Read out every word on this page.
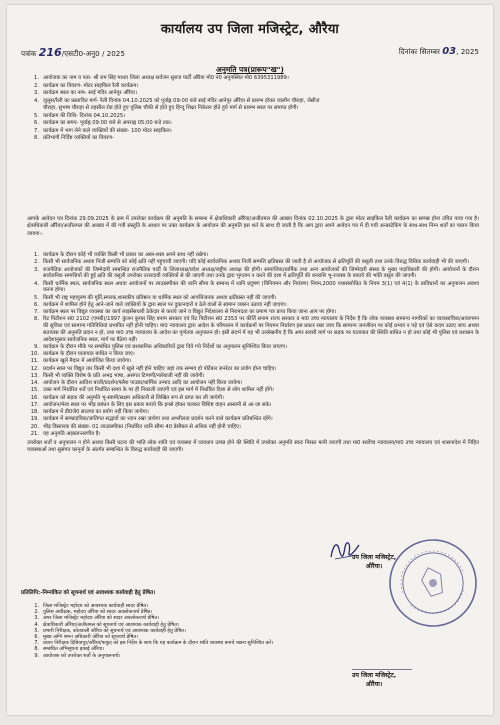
कार्यालय उप जिला मजिस्ट्रेट, औरैया
पत्रांक 216/एसटी0-अनु0 / 2025	दिनांकः सितम्बर 03, 2025
अनुमति पत्र(प्रारूप"ख")
1. आयोजक का नाम व पता- श्री राम सिंह माधव जिला अध्यक्ष सर्वजन सुराज पार्टी औरैया मो0 नं0 अनुपस्थित मो0 6395311989।
2. कार्यक्रम का विवरण- मोटर साइकिल रैली कार्यक्रम।
3. कार्यक्रम स्थल का नाम- साई मंदिर आनेपुर औरैया।
4. जुलूस/रैली का प्रस्तावित मार्ग- रैली दिनांक 04.10.2025 को पूर्वाह्न 09:00 बजे साई मंदिर आनेपुर औरैया से प्रारम्भ होकर जालौन चौराहा, जेसीज
चौराहा, सुभाष चौराहा से तहसील रोड होते हुए पुलिस चौकी से होते हुए हिन्दू शिक्षा निकेतन होते हुये मार्ग से प्रारम्भ स्थल पर समाप्त होगी।
5. कार्यक्रम की तिथि- दिनांक 04.10.2025।
6. कार्यक्रम का समय- पूर्वाह्न 09:00 बजे से अपराह्न 05:00 बजे तक।
7. कार्यक्रम में भाग लेने वाले व्यक्तियों की संख्या- 100 मोटर साइकिल।
8. प्रतिभागी निर्दिष्ट व्यक्तियों का विवरण-
आपके आवेदन पत्र दिनांक 29.09.2025 के क्रम में उपरोक्त कार्यक्रम की अनुमति के सम्बन्ध में क्षेत्राधिकारी औरैया/अजीतमल की आख्या दिनांक 02.10.2025 के द्वारा मोटर साइकिल रैली कार्यक्रम का सम्पन्न होना उचित पाया गया है। क्षेत्राधिकारी औरैया/अजीतमल की आख्या में की गयी संस्तुति के आधार पर उक्त कार्यक्रम के आयोजन की अनुमति इस शर्त के साथ दी जाती है कि आप द्वारा अपने आवेदन पत्र में दी गयी अन्डरटेकिंग के साथ-साथ निम्न शर्तों का पालन किया जायगा:-
1. कार्यक्रम के दौरान कोई भी व्यक्ति किसी भी प्रकार का अस्त्र-शस्त्र अपने साथ नहीं रखेगा।
2. किसी भी सार्वजनिक अथवा निजी सम्पत्ति को कोई क्षति नहीं पहुंचायी जाएगी। यदि कोई सार्वजनिक अथवा निजी सम्पत्ति क्षतिग्रस्त की जाती है तो आयोजक से क्षतिपूर्ति की वसूली तथा उनके विरुद्ध विधिक कार्यवाही भी की जाएगी।
3. राजनैतिक आयोजकों की जिम्मेदारी सम्बन्धित राजनैतिक पार्टी के जिलाध्यक्ष/प्रदेश अध्यक्ष/राष्ट्रीय अध्यक्ष की होगी। सामाजिक/धार्मिक तथा अन्य आयोजकों की जिम्मेदारी संस्था के मुख्य पदाधिकारी की होगी। आयोजनों के दौरान सार्वजनिक सम्पत्तियों की हुई क्षति की वसूली उपरोक्त उत्तरदायी व्यक्तियों से की जाएगी तथा उनके द्वारा भुगतान न करने की दशा में क्षतिपूर्ति की धनराशि भू-राजस्व के बकाये की भांति वसूल की जाएगी।
4. किसी धार्मिक स्थल, सार्वजनिक स्थल अथवा आयोजनों पर लाउडस्पीकर की ध्वनि सीमा के सम्बन्ध में ध्वनि प्रदूषण (विनियमन और नियंत्रण) नियम,2000 यथासंशोधित के नियम 3(1) एवं 4(1) के प्राविधानों का अनुपालन अवश्य करना होगा।
5. किसी भी राष्ट्र महापुरुष की मूर्ति,स्मारक,शासकीय प्रतिष्ठान या धार्मिक स्थल को आपत्तिजनक अथवा क्षतिग्रस्त नहीं की जाएगी।
6. कार्यक्रम में शामिल होने हेतु आने-जाने वाले व्यक्तियों के द्वारा स्थल पर दुकानदारों व ठेले वालों से सामान जबरन उठाया नहीं जाएगा।
7. कार्यक्रम स्थल पर विद्युत व्यवस्था का कार्य लाइसेंसधारी ठेकेदार से कराये जाने व विद्युत निदेशालय से निरापदता का प्रमाण पत्र प्राप्त किया जाना आप पर होगा।
8. रिट पिटीशन सं0 2102 (एमबी)/1997 कुंजन कुमार सिंह बनाम सरकार एवं रिट पिटीशन सं0 2353 पर कीर्ति सनाम राज्य सरकार व मा0 उच्च न्यायालय के निर्देश है कि लोक व्यवस्था सामान्य नागरिकों का व्यावसायिक/आवागमन की सुविधा एवं सामान्य गतिविधियां प्रभावित नहीं होनी चाहिए। मा0 न्यायालय द्वारा आदेश के परिपालन में कार्यक्रमों पर नियमन निर्धारण इस प्रकार रखा जाय कि सामान्य जनजीवन पर कोई प्रभाव न पड़े एवं ऐसे कदम उठाए जाय अथवा सतायास की अनुमति प्रदान न हो, तथा मा0 उच्च न्यायालय के आदेश का पूर्णतया अनुपालन हो। इसी संदर्भ में यह भी उल्लेखनीय है कि अगर सवारी मार्ग पर सड़क पर यातायात की स्थिति बाधित न हो तथा कोई भी पुलिस एवं प्रशासन के आदेशानुसार सार्वजनिक स्थल, मार्ग पर बैठेगा नहीं।
9. कार्यक्रम के दौरान मौके पर सम्बंधित पुलिस एवं प्रशासनिक अधिकारियों द्वारा दिये गये निर्देशों का अनुपालन सुनिश्चित किया जाएगा।
10. कार्यक्रम के दौरान यातायात बाधित न किया जाए।
11. कार्यक्रम खुले मैदान में आयोजित किया जायेगा।
12. प्रदर्शन स्थल पर विद्युत तार किसी भी दशा में खुले नहीं होने चाहिए जहां तक सम्भव हो पोर्टेबल जनरेटर का प्रयोग होना चाहिए।
13. किसी भी व्यक्ति विशेष के प्रति अभद्र भाषा, असंगत टिप्पणी/नारेबाजी नहीं की जायेगी।
14. आयोजन के दौरान आतिश बाजी/प्रदर्शन/फ्लैश पाउडर/धार्मिक उन्माद आदि का आयोजन नहीं किया जायेगा।
15. उक्त मार्ग निर्धारित शर्तें एवं निर्धारित समय के पर ही निकाली जाएगी एवं इस मार्ग में निर्धारित दिशा से लोग शामिल नहीं होंगे।
16. कार्यक्रम को सड़क की अनुमति भू-स्वामी/सक्षम अधिकारी से लिखित रूप से प्राप्त कर ली जायेगी।
17. आयोजन/मेला स्थल पर भीड़ प्रबंधन के लिए इस प्रकार बनाये कि इनसे होकर चलकर विशिष्ट वाहन आसानी से आ-जा सके।
18. कार्यक्रम में डी0जे0 साउण्ड का प्रयोग नहीं किया जायेगा।
19. कार्यक्रम में साम्प्रदायिक/जातिगत सद्भावों का ध्यान रखा जायेगा तथा अश्लीलता प्रदर्शन करने वाले कार्यक्रम प्रतिबन्धित रहेंगे।
20. भीड़ विस्तारक की संख्या- 01 लाउडस्पीकर (निर्धारित ध्वनि सीमा 40 डेसीबल से अधिक नहीं होनी चाहिए।
21. यह अनुमति अहस्तान्तरणीय है।
उप जिला मजिस्ट्रेट,
औरैया।
प्रतिलिपि:-निम्नांकित को सूचनार्थ एवं आवश्यक कार्यवाही हेतु प्रेषित।
1. जिला मजिस्ट्रेट महोदय को आवश्यक कार्यवाही सादर प्रेषित।
2. पुलिस अधीक्षक, महोदय औरैया को सादर अवलोकनार्थ प्रेषित।
3. अपर जिला मजिस्ट्रेट महोदय औरैया को सादर अवलोकनार्थ प्रेषित।
4. क्षेत्राधिकारी औरैया/अजीतमल को सूचनार्थ एवं आवश्यक कार्यवाही हेतु प्रेषित।
5. प्रभारी निरीक्षक, कोतवाली औरैया को सूचनार्थ एवं आवश्यक कार्यवाही हेतु प्रेषित।
6. मुख्य अग्नि शमन अधिकारी औरैया को सूचनार्थ प्रेषित।
7. प्रधान निरीक्षक दिबियापुर/औरैया/फफूंद को इस निर्देश के साथ कि यह कार्यक्रम के दौरान शांति व्यवस्था बनाये रखना सुनिश्चित करें।
8. सम्बंधित अभिसूचना इकाई औरैया।
9. आयोजक को उपरोक्त शर्तों के अनुपालनार्थ।
उप जिला मजिस्ट्रेट,
औरैया।
उपरोक्त शर्तों व अनुपालन न होने अथवा किसी घटना की भांति लोक शांति एवं व्यवस्था में व्यवधान उत्पन्न होने की स्थिति में उपरोक्त अनुमति स्वतः निरस्त मानी जाएगी तथा मा0 सर्वोच्च न्यायालय/मा0 उच्च न्यायालय एवं शासनादेश में निहित व्यवस्थाओं तथा सुसंगत कानूनों के अंतर्गत सम्बन्धित के विरुद्ध कार्यवाही की जाएगी।
